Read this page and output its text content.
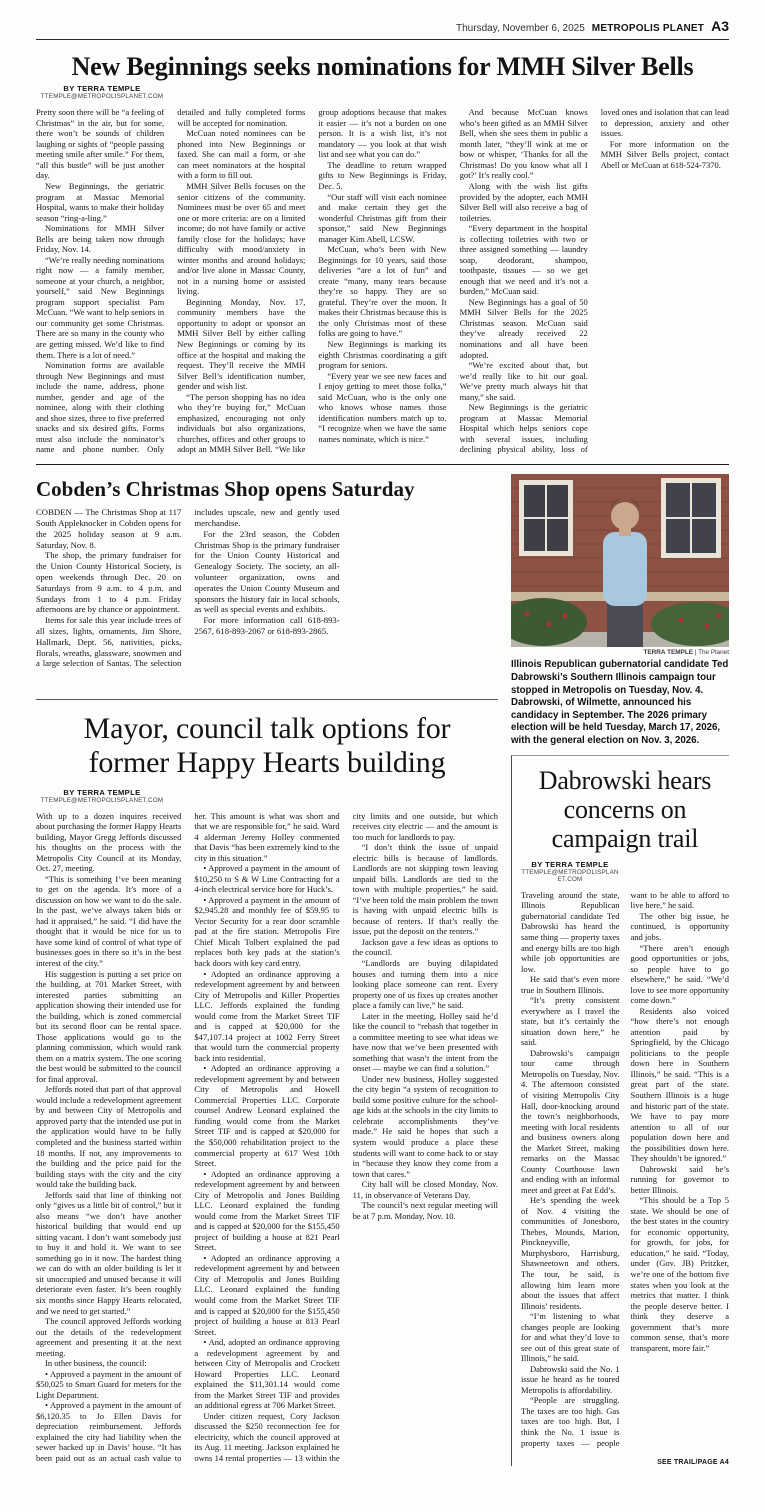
Thursday, November 6, 2025 METROPOLIS PLANET A3
New Beginnings seeks nominations for MMH Silver Bells
BY TERRA TEMPLE
TTEMPLE@METROPOLISPLANET.COM

Pretty soon there will be “a feeling of Christmas” in the air, but for some, there won’t be sounds of children laughing or sights of “people passing meeting smile after smile.” For them, “all this bustle” will be just another day.

New Beginnings, the geriatric program at Massac Memorial Hospital, wants to make their holiday season “ring-a-ling.”

Nominations for MMH Silver Bells are being taken now through Friday, Nov. 14.

“We’re really needing nominations right now — a family member, someone at your church, a neighbor, yourself,” said New Beginnings program support specialist Pam McCuan. “We want to help seniors in our community get some Christmas. There are so many in the county who are getting missed. We’d like to find them. There is a lot of need.”

Nomination forms are available through New Beginnings and must include the name, address, phone number, gender and age of the nominee, along with their clothing and shoe sizes, three to five preferred snacks and six desired gifts. Forms must also include the nominator’s name and phone number. Only detailed and fully completed forms will be accepted for nomination.

McCuan noted nominees can be phoned into New Beginnings or faxed. She can mail a form, or she can meet nominators at the hospital with a form to fill out.

MMH Silver Bells focuses on the senior citizens of the community. Nominees must be over 65 and meet one or more criteria: are on a limited income; do not have family or active family close for the holidays; have difficulty with mood/anxiety in winter months and around holidays; and/or live alone in Massac County, not in a nursing home or assisted living.

Beginning Monday, Nov. 17, community members have the opportunity to adopt or sponsor an MMH Silver Bell by either calling New Beginnings or coming by its office at the hospital and making the request. They’ll receive the MMH Silver Bell’s identification number, gender and wish list.

“The person shopping has no idea who they’re buying for,” McCuan emphasized, encouraging not only individuals but also organizations, churches, offices and other groups to adopt an MMH Silver Bell. “We like group adoptions because that makes it easier — it’s not a burden on one person. It is a wish list, it’s not mandatory — you look at that wish list and see what you can do.”

The deadline to return wrapped gifts to New Beginnings is Friday, Dec. 5.

“Our staff will visit each nominee and make certain they get the wonderful Christmas gift from their sponsor,” said New Beginnings manager Kim Abell, LCSW.

McCuan, who’s been with New Beginnings for 10 years, said those deliveries “are a lot of fun” and create “many, many tears because they’re so happy. They are so grateful. They’re over the moon. It makes their Christmas because this is the only Christmas most of these folks are going to have.”

New Beginnings is marking its eighth Christmas coordinating a gift program for seniors.

“Every year we see new faces and I enjoy getting to meet those folks,” said McCuan, who is the only one who knows whose names those identification numbers match up to. “I recognize when we have the same names nominate, which is nice.”

And because McCuan knows who’s been gifted as an MMH Silver Bell, when she sees them in public a month later, “they’ll wink at me or bow or whisper, ‘Thanks for all the Christmas! Do you know what all I got?’ It’s really cool.”

Along with the wish list gifts provided by the adopter, each MMH Silver Bell will also receive a bag of toiletries.

“Every department in the hospital is collecting toiletries with two or three assigned something — laundry soap, deodorant, shampoo, toothpaste, tissues — so we get enough that we need and it’s not a burden,” McCuan said.

New Beginnings has a goal of 50 MMH Silver Bells for the 2025 Christmas season. McCuan said they’ve already received 22 nominations and all have been adopted.

“We’re excited about that, but we’d really like to hit our goal. We’ve pretty much always hit that many,” she said.

New Beginnings is the geriatric program at Massac Memorial Hospital which helps seniors cope with several issues, including declining physical ability, loss of loved ones and isolation that can lead to depression, anxiety and other issues.

For more information on the MMH Silver Bells project, contact Abell or McCuan at 618-524-7370.

Cobden’s Christmas Shop opens Saturday

COBDEN — The Christmas Shop at 117 South Appleknocker in Cobden opens for the 2025 holiday season at 9 a.m. Saturday, Nov. 8.

The shop, the primary fundraiser for the Union County Historical Society, is open weekends through Dec. 20 on Saturdays from 9 a.m. to 4 p.m. and Sundays from 1 to 4 p.m. Friday afternoons are by chance or appointment.

Items for sale this year include trees of all sizes, lights, ornaments, Jim Shore, Hallmark, Dept. 56, nativities, picks, florals, wreaths, glassware, snowmen and a large selection of Santas. The selection includes upscale, new and gently used merchandise.

For the 23rd season, the Cobden Christmas Shop is the primary fundraiser for the Union County Historical and Genealogy Society. The society, an all-volunteer organization, owns and operates the Union County Museum and sponsors the history fair in local schools, as well as special events and exhibits.

For more information call 618-893-2567, 618-893-2067 or 618-893-2865.

Mayor, council talk options for former Happy Hearts building
BY TERRA TEMPLE
TTEMPLE@METROPOLISPLANET.COM

With up to a dozen inquires received about purchasing the former Happy Hearts building, Mayor Gregg Jeffords discussed his thoughts on the process with the Metropolis City Council at its Monday, Oct. 27, meeting.

“This is something I’ve been meaning to get on the agenda. It’s more of a discussion on how we want to do the sale. In the past, we’ve always taken bids or had it appraised,” he said. “I did have the thought that it would be nice for us to have some kind of control of what type of businesses goes in there so it’s in the best interest of the city.”

His suggestion is putting a set price on the building, at 701 Market Street, with interested parties submitting an application showing their intended use for the building, which is zoned commercial but its second floor can be rental space. Those applications would go to the planning commission, which would rank them on a matrix system. The one scoring the best would be submitted to the council for final approval.

Jeffords noted that part of that approval would include a redevelopment agreement by and between City of Metropolis and approved party that the intended use put in the application would have to be fully completed and the business started within 18 months. If not, any improvements to the building and the price paid for the building stays with the city and the city would take the building back.

Jeffords said that line of thinking not only “gives us a little bit of control,” but it also means “we don’t have another historical building that would end up sitting vacant. I don’t want somebody just to buy it and hold it. We want to see something go in it now. The hardest thing we can do with an older building is let it sit unoccupied and unused because it will deteriorate even faster. It’s been roughly six months since Happy Hearts relocated, and we need to get started.”

The council approved Jeffords working out the details of the redevelopment agreement and presenting it at the next meeting.

In other business, the council:

• Approved a payment in the amount of $50,025 to Smart Guard for meters for the Light Department.

• Approved a payment in the amount of $6,120.35 to Jo Ellen Davis for depreciation reimbursement. Jeffords explained the city had liability when the sewer backed up in Davis’ house. “It has been paid out as an actual cash value to her. This amount is what was short and that we are responsible for,” he said. Ward 4 alderman Jeremy Holley commented that Davis “has been extremely kind to the city in this situation.”

• Approved a payment in the amount of $10,250 to S & W Line Contracting for a 4-inch electrical service bore for Huck’s.

• Approved a payment in the amount of $2,945.28 and monthly fee of $59.95 to Vector Security for a rear door scramble pad at the fire station. Metropolis Fire Chief Micah Tolbert explained the pad replaces both key pads at the station’s back doors with key card entry.

• Adopted an ordinance approving a redevelopment agreement by and between City of Metropolis and Killer Properties LLC. Jeffords explained the funding would come from the Market Street TIF and is capped at $20,000 for the $47,107.14 project at 1002 Ferry Street that would turn the commercial property back into residential.

• Adopted an ordinance approving a redevelopment agreement by and between City of Metropolis and Howell Commercial Properties LLC. Corporate counsel Andrew Leonard explained the funding would come from the Market Street TIF and is capped at $20,000 for the $50,000 rehabilitation project to the commercial property at 617 West 10th Street.

• Adopted an ordinance approving a redevelopment agreement by and between City of Metropolis and Jones Building LLC. Leonard explained the funding would come from the Market Street TIF and is capped at $20,000 for the $155,450 project of building a house at 821 Pearl Street.

• Adopted an ordinance approving a redevelopment agreement by and between City of Metropolis and Jones Building LLC. Leonard explained the funding would come from the Market Street TIF and is capped at $20,000 for the $155,450 project of building a house at 813 Pearl Street.

• And, adopted an ordinance approving a redevelopment agreement by and between City of Metropolis and Crockett Howard Properties LLC. Leonard explained the $11,301.14 would come from the Market Street TIF and provides an additional egress at 706 Market Street.

Under citizen request, Cory Jackson discussed the $250 reconnection fee for electricity, which the council approved at its Aug. 11 meeting. Jackson explained he owns 14 rental properties — 13 within the city limits and one outside, but which receives city electric — and the amount is too much for landlords to pay.

“I don’t think the issue of unpaid electric bills is because of landlords. Landlords are not skipping town leaving unpaid bills. Landlords are tied to the town with multiple properties,” he said. “I’ve been told the main problem the town is having with unpaid electric bills is because of renters. If that’s really the issue, put the deposit on the renters.”

Jackson gave a few ideas as options to the council.

“Landlords are buying dilapidated houses and turning them into a nice looking place someone can rent. Every property one of us fixes up creates another place a family can live,” he said.

Later in the meeting, Holley said he’d like the council to “rehash that together in a committee meeting to see what ideas we have now that we’ve been presented with something that wasn’t the intent from the onset — maybe we can find a solution.”

Under new business, Holley suggested the city begin “a system of recognition to build some positive culture for the school-age kids at the schools in the city limits to celebrate accomplishments they’ve made.” He said he hopes that such a system would produce a place these students will want to come back to or stay in “because they know they come from a town that cares.”

City hall will be closed Monday, Nov. 11, in observance of Veterans Day.

The council’s next regular meeting will be at 7 p.m. Monday, Nov. 10.

TERRA TEMPLE | The Planet
Illinois Republican gubernatorial candidate Ted Dabrowski’s Southern Illinois campaign tour stopped in Metropolis on Tuesday, Nov. 4. Dabrowski, of Wilmette, announced his candidacy in September. The 2026 primary election will be held Tuesday, March 17, 2026, with the general election on Nov. 3, 2026.
Dabrowski hears concerns on campaign trail
BY TERRA TEMPLE
TTEMPLE@METROPOLISPLANET.COM

Traveling around the state, Illinois Republican gubernatorial candidate Ted Dabrowski has heard the same thing — property taxes and energy bills are too high while job opportunities are low.

He said that’s even more true in Southern Illinois.

“It’s pretty consistent everywhere as I travel the state, but it’s certainly the situation down here,” he said.

Dabrowski’s campaign tour came through Metropolis on Tuesday, Nov. 4. The afternoon consisted of visiting Metropolis City Hall, door-knocking around the town’s neighborhoods, meeting with local residents and business owners along the Market Street, making remarks on the Massac County Courthouse lawn and ending with an informal meet and greet at Fat Edd’s.

He’s spending the week of Nov. 4 visiting the communities of Jonesboro, Thebes, Mounds, Marion, Pinckneyville, Murphysboro, Harrisburg, Shawneetown and others. The tour, he said, is allowing him learn more about the issues that affect Illinois’ residents.

“I’m listening to what changes people are looking for and what they’d love to see out of this great state of Illinois,” he said.

Dabrowski said the No. 1 issue he heard as he toured Metropolis is affordability.

“People are struggling. The taxes are too high. Gas taxes are too high. But, I think the No. 1 issue is property taxes — people want to be able to afford to live here,” he said.

The other big issue, he continued, is opportunity and jobs.

“There aren’t enough good opportunities or jobs, so people have to go elsewhere,” he said. “We’d love to see more opportunity come down.”

Residents also voiced “how there’s not enough attention paid by Springfield, by the Chicago politicians to the people down here in Southern Illinois,” he said. “This is a great part of the state. Southern Illinois is a huge and historic part of the state. We have to pay more attention to all of our population down here and the possibilities down here. They shouldn’t be ignored.”

Dabrowski said he’s running for governor to better Illinois.

“This should be a Top 5 state. We should be one of the best states in the country for economic opportunity, for growth, for jobs, for education,” he said. “Today, under (Gov. JB) Pritzker, we’re one of the bottom five states when you look at the metrics that matter. I think the people deserve better. I think they deserve a government that’s more common sense, that’s more transparent, more fair.”

SEE TRAIL/PAGE A4
